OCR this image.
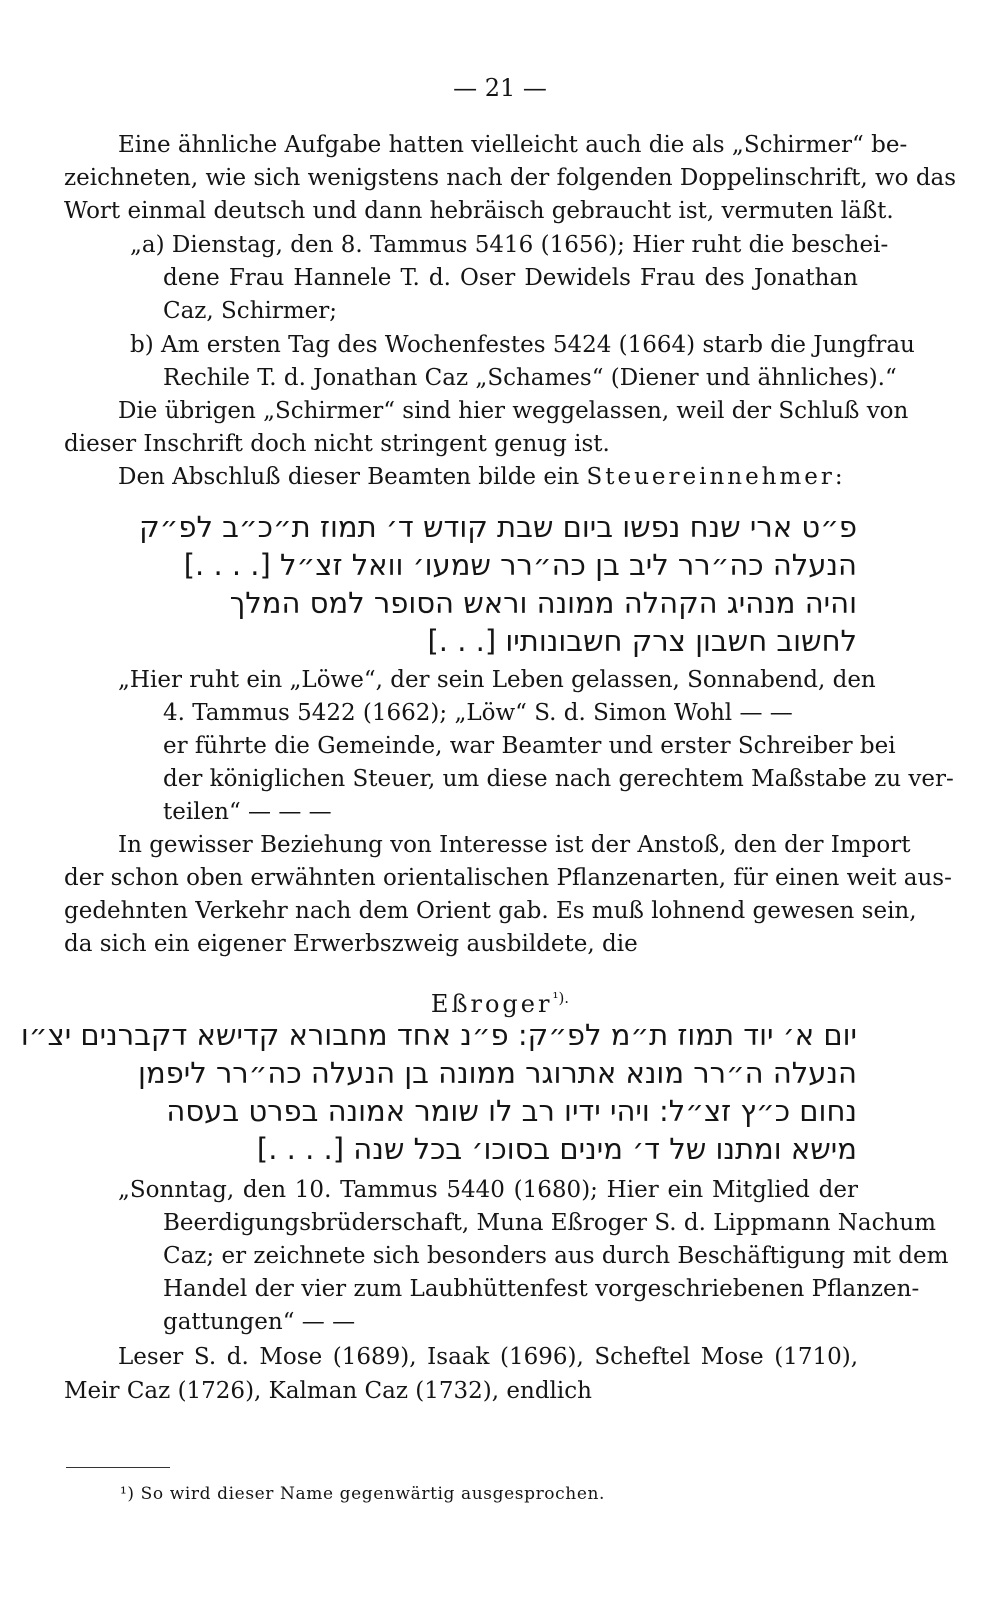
— 21 —
Eine ähnliche Aufgabe hatten vielleicht auch die als „Schirmer“ be-
zeichneten, wie sich wenigstens nach der folgenden Doppelinschrift, wo das
Wort einmal deutsch und dann hebräisch gebraucht ist, vermuten läßt.
„a) Dienstag, den 8. Tammus 5416 (1656); Hier ruht die beschei-
dene Frau Hannele T. d. Oser Dewidels Frau des Jonathan
Caz, Schirmer;
b) Am ersten Tag des Wochenfestes 5424 (1664) starb die Jungfrau
Rechile T. d. Jonathan Caz „Schames“ (Diener und ähnliches).“
Die übrigen „Schirmer“ sind hier weggelassen, weil der Schluß von
dieser Inschrift doch nicht stringent genug ist.
Den Abschluß dieser Beamten bilde ein Steuereinnehmer:
פ״ט ארי שנח נפשו ביום שבת קודש ד׳ תמוז ת״כ״ב לפ״ק
הנעלה כה״רר ליב בן כה״רר שמעו׳ וואל זצ״ל [. . . .]
והיה מנהיג הקהלה ממונה וראש הסופר למס המלך
לחשוב חשבון צרק חשבונותיו [. . .]
„Hier ruht ein „Löwe“, der sein Leben gelassen, Sonnabend, den
4. Tammus 5422 (1662); „Löw“ S. d. Simon Wohl — —
er führte die Gemeinde, war Beamter und erster Schreiber bei
der königlichen Steuer, um diese nach gerechtem Maßstabe zu ver-
teilen“ — — —
In gewisser Beziehung von Interesse ist der Anstoß, den der Import
der schon oben erwähnten orientalischen Pflanzenarten, für einen weit aus-
gedehnten Verkehr nach dem Orient gab. Es muß lohnend gewesen sein,
da sich ein eigener Erwerbszweig ausbildete, die
Eßroger$^{^1).}$
יום א׳ יוד תמוז ת״מ לפ״ק: פ״נ אחד מחבורא קדישא דקברנים יצ״ו
הנעלה ה״רר מונא אתרוגר ממונה בן הנעלה כה״רר ליפמן
נחום כ״ץ זצ״ל: ויהי ידיו רב לו שומר אמונה בפרט בעסה
מישא ומתנו של ד׳ מינים בסוכו׳ בכל שנה [. . . .]
„Sonntag, den 10. Tammus 5440 (1680); Hier ein Mitglied der
Beerdigungsbrüderschaft, Muna Eßroger S. d. Lippmann Nachum
Caz; er zeichnete sich besonders aus durch Beschäftigung mit dem
Handel der vier zum Laubhüttenfest vorgeschriebenen Pflanzen-
gattungen“ — —
Leser S. d. Mose (1689), Isaak (1696), Scheftel Mose (1710),
Meir Caz (1726), Kalman Caz (1732), endlich
¹) So wird dieser Name gegenwärtig ausgesprochen.
